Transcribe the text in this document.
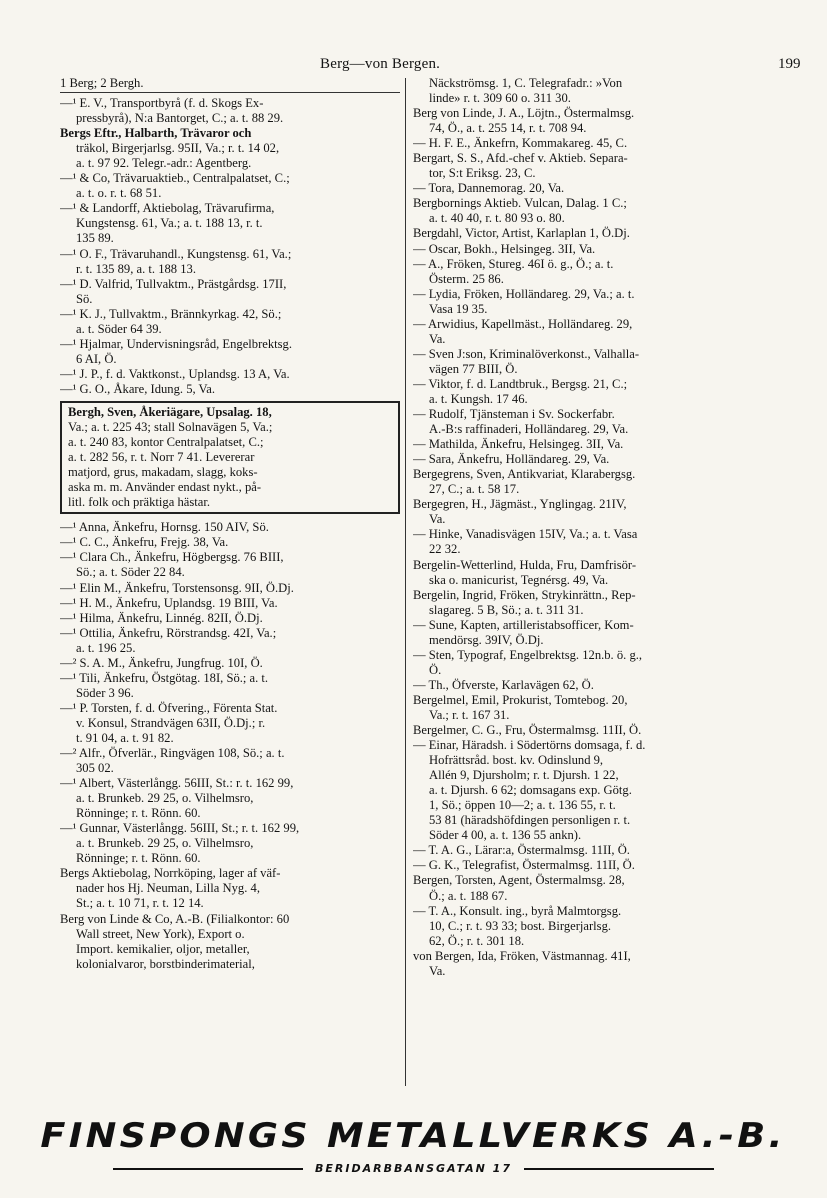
Berg—von Bergen.	199
1 Berg; 2 Bergh.
—¹ E. V., Transportbyrå (f. d. Skogs Ex-
pressbyrå), N:a Bantorget, C.; a. t. 88 29.
Bergs Eftr., Halbarth, Trävaror och
träkol, Birgerjarlsg. 95II, Va.; r. t. 14 02,
a. t. 97 92. Telegr.-adr.: Agentberg.
—¹ & Co, Trävaruaktieb., Centralpalatset, C.;
a. t. o. r. t. 68 51.
—¹ & Landorff, Aktiebolag, Trävarufirma,
Kungstensg. 61, Va.; a. t. 188 13, r. t.
135 89.
—¹ O. F., Trävaruhandl., Kungstensg. 61, Va.;
r. t. 135 89, a. t. 188 13.
—¹ D. Valfrid, Tullvaktm., Prästgårdsg. 17II,
Sö.
—¹ K. J., Tullvaktm., Brännkyrkag. 42, Sö.;
a. t. Söder 64 39.
—¹ Hjalmar, Undervisningsråd, Engelbrektsg.
6 AI, Ö.
—¹ J. P., f. d. Vaktkonst., Uplandsg. 13 A, Va.
—¹ G. O., Åkare, Idung. 5, Va.
Bergh, Sven, Åkeriägare, Upsalag. 18,
Va.; a. t. 225 43; stall Solnavägen 5, Va.;
a. t. 240 83, kontor Centralpalatset, C.;
a. t. 282 56, r. t. Norr 7 41. Levererar
matjord, grus, makadam, slagg, koks-
aska m. m. Använder endast nykt., på-
litl. folk och präktiga hästar.
—¹ Anna, Änkefru, Hornsg. 150 AIV, Sö.
—¹ C. C., Änkefru, Frejg. 38, Va.
—¹ Clara Ch., Änkefru, Högbergsg. 76 BIII,
Sö.; a. t. Söder 22 84.
—¹ Elin M., Änkefru, Torstensonsg. 9II, Ö.Dj.
—¹ H. M., Änkefru, Uplandsg. 19 BIII, Va.
—¹ Hilma, Änkefru, Linnég. 82II, Ö.Dj.
—¹ Ottilia, Änkefru, Rörstrandsg. 42I, Va.;
a. t. 196 25.
—² S. A. M., Änkefru, Jungfrug. 10I, Ö.
—¹ Tili, Änkefru, Östgötag. 18I, Sö.; a. t.
Söder 3 96.
—¹ P. Torsten, f. d. Öfvering., Förenta Stat.
v. Konsul, Strandvägen 63II, Ö.Dj.; r.
t. 91 04, a. t. 91 82.
—² Alfr., Öfverlär., Ringvägen 108, Sö.; a. t.
305 02.
—¹ Albert, Västerlångg. 56III, St.: r. t. 162 99,
a. t. Brunkeb. 29 25, o. Vilhelmsro,
Rönninge; r. t. Rönn. 60.
—¹ Gunnar, Västerlångg. 56III, St.; r. t. 162 99,
a. t. Brunkeb. 29 25, o. Vilhelmsro,
Rönninge; r. t. Rönn. 60.
Bergs Aktiebolag, Norrköping, lager af väf-
nader hos Hj. Neuman, Lilla Nyg. 4,
St.; a. t. 10 71, r. t. 12 14.
Berg von Linde & Co, A.-B. (Filialkontor: 60
Wall street, New York), Export o.
Import. kemikalier, oljor, metaller,
kolonialvaror, borstbinderimaterial,
Näckströmsg. 1, C. Telegrafadr.: »Von
linde» r. t. 309 60 o. 311 30.
Berg von Linde, J. A., Löjtn., Östermalmsg.
74, Ö., a. t. 255 14, r. t. 708 94.
— H. F. E., Änkefrn, Kommakareg. 45, C.
Bergart, S. S., Afd.-chef v. Aktieb. Separa-
tor, S:t Eriksg. 23, C.
— Tora, Dannemorag. 20, Va.
Bergbornings Aktieb. Vulcan, Dalag. 1 C.;
a. t. 40 40, r. t. 80 93 o. 80.
Bergdahl, Victor, Artist, Karlaplan 1, Ö.Dj.
— Oscar, Bokh., Helsingeg. 3II, Va.
— A., Fröken, Stureg. 46I ö. g., Ö.; a. t.
Österm. 25 86.
— Lydia, Fröken, Holländareg. 29, Va.; a. t.
Vasa 19 35.
— Arwidius, Kapellmäst., Holländareg. 29,
Va.
— Sven J:son, Kriminalöverkonst., Valhalla-
vägen 77 BIII, Ö.
— Viktor, f. d. Landtbruk., Bergsg. 21, C.;
a. t. Kungsh. 17 46.
— Rudolf, Tjänsteman i Sv. Sockerfabr.
A.-B:s raffinaderi, Holländareg. 29, Va.
— Mathilda, Änkefru, Helsingeg. 3II, Va.
— Sara, Änkefru, Holländareg. 29, Va.
Bergegrens, Sven, Antikvariat, Klarabergsg.
27, C.; a. t. 58 17.
Bergegren, H., Jägmäst., Ynglingag. 21IV,
Va.
— Hinke, Vanadisvägen 15IV, Va.; a. t. Vasa
22 32.
Bergelin-Wetterlind, Hulda, Fru, Damfrisör-
ska o. manicurist, Tegnérsg. 49, Va.
Bergelin, Ingrid, Fröken, Strykinrättn., Rep-
slagareg. 5 B, Sö.; a. t. 311 31.
— Sune, Kapten, artilleristabsofficer, Kom-
mendörsg. 39IV, Ö.Dj.
— Sten, Typograf, Engelbrektsg. 12n.b. ö. g.,
Ö.
— Th., Öfverste, Karlavägen 62, Ö.
Bergelmel, Emil, Prokurist, Tomtebog. 20,
Va.; r. t. 167 31.
Bergelmer, C. G., Fru, Östermalmsg. 11II, Ö.
— Einar, Häradsh. i Södertörns domsaga, f. d.
Hofrättsråd. bost. kv. Odinslund 9,
Allén 9, Djursholm; r. t. Djursh. 1 22,
a. t. Djursh. 6 62; domsagans exp. Götg.
1, Sö.; öppen 10—2; a. t. 136 55, r. t.
53 81 (häradshöfdingen personligen r. t.
Söder 4 00, a. t. 136 55 ankn).
— T. A. G., Lärar:a, Östermalmsg. 11II, Ö.
— G. K., Telegrafist, Östermalmsg. 11II, Ö.
Bergen, Torsten, Agent, Östermalmsg. 28,
Ö.; a. t. 188 67.
— T. A., Konsult. ing., byrå Malmtorgsg.
10, C.; r. t. 93 33; bost. Birgerjarlsg.
62, Ö.; r. t. 301 18.
von Bergen, Ida, Fröken, Västmannag. 41I,
Va.
FINSPONGS METALLVERKS A.-B.
BERIDARBBANSGATAN 17
